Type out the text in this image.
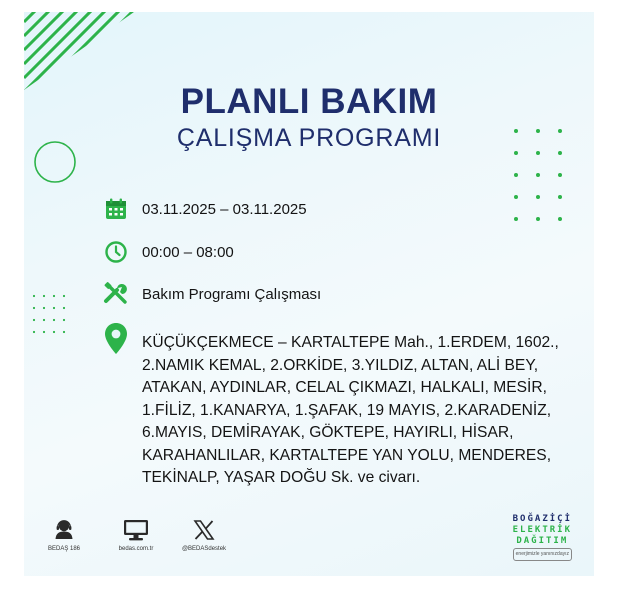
PLANLI BAKIM
ÇALIŞMA PROGRAMI
03.11.2025 – 03.11.2025
00:00 – 08:00
Bakım Programı Çalışması
KÜÇÜKÇEKMECE – KARTALTEPE Mah., 1.ERDEM, 1602., 2.NAMIK KEMAL, 2.ORKİDE, 3.YILDIZ, ALTAN, ALİ BEY, ATAKAN, AYDINLAR, CELAL ÇIKMAZI, HALKALI, MESİR, 1.FİLİZ, 1.KANARYA, 1.ŞAFAK, 19 MAYIS, 2.KARADENİZ, 6.MAYIS, DEMİRAYAK, GÖKTEPE, HAYIRLI, HİSAR, KARAHANLILAR, KARTALTEPE YAN YOLU, MENDERES, TEKİNALP, YAŞAR DOĞU Sk. ve civarı.
BEDAŞ 186	bedas.com.tr	@BEDASdestek
BOĞAZİÇİ
ELEKTRİK
DAĞITIM
enerjimizle yanınızdayız
